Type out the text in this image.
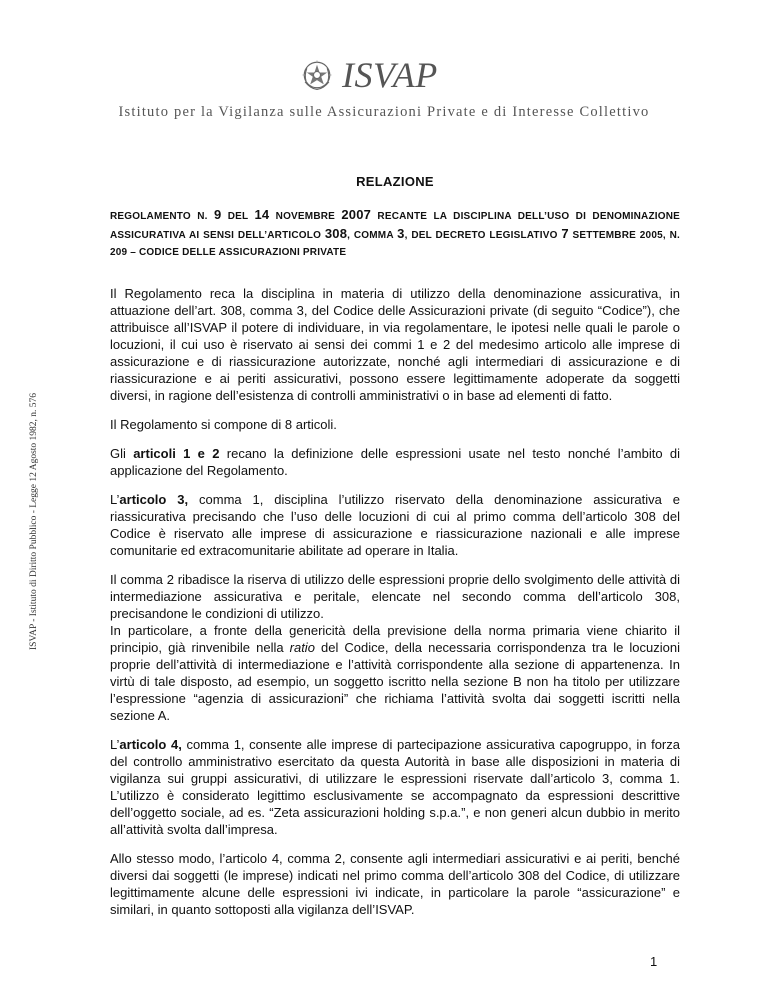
ISVAP
Istituto per la Vigilanza sulle Assicurazioni Private e di Interesse Collettivo
ISVAP - Istituto di Diritto Pubblico - Legge 12 Agosto 1982, n. 576
RELAZIONE
REGOLAMENTO N. 9 DEL 14 NOVEMBRE 2007 RECANTE LA DISCIPLINA DELL’USO DI DENOMINAZIONE ASSICURATIVA AI SENSI DELL’ARTICOLO 308, COMMA 3, DEL DECRETO LEGISLATIVO 7 SETTEMBRE 2005, N. 209 – CODICE DELLE ASSICURAZIONI PRIVATE

Il Regolamento reca la disciplina in materia di utilizzo della denominazione assicurativa, in attuazione dell’art. 308, comma 3, del Codice delle Assicurazioni private (di seguito “Codice”), che attribuisce all’ISVAP il potere di individuare, in via regolamentare, le ipotesi nelle quali le parole o locuzioni, il cui uso è riservato ai sensi dei commi 1 e 2 del medesimo articolo alle imprese di assicurazione e di riassicurazione autorizzate, nonché agli intermediari di assicurazione e di riassicurazione e ai periti assicurativi, possono essere legittimamente adoperate da soggetti diversi, in ragione dell’esistenza di controlli amministrativi o in base ad elementi di fatto.

Il Regolamento si compone di 8 articoli.

Gli articoli 1 e 2 recano la definizione delle espressioni usate nel testo nonché l’ambito di applicazione del Regolamento.

L’articolo 3, comma 1, disciplina l’utilizzo riservato della denominazione assicurativa e riassicurativa precisando che l’uso delle locuzioni di cui al primo comma dell’articolo 308 del Codice è riservato alle imprese di assicurazione e riassicurazione nazionali e alle imprese comunitarie ed extracomunitarie abilitate ad operare in Italia.

Il comma 2 ribadisce la riserva di utilizzo delle espressioni proprie dello svolgimento delle attività di intermediazione assicurativa e peritale, elencate nel secondo comma dell’articolo 308, precisandone le condizioni di utilizzo.
In particolare, a fronte della genericità della previsione della norma primaria viene chiarito il principio, già rinvenibile nella ratio del Codice, della necessaria corrispondenza tra le locuzioni proprie dell’attività di intermediazione e l’attività corrispondente alla sezione di appartenenza. In virtù di tale disposto, ad esempio, un soggetto iscritto nella sezione B non ha titolo per utilizzare l’espressione “agenzia di assicurazioni” che richiama l’attività svolta dai soggetti iscritti nella sezione A.

L’articolo 4, comma 1, consente alle imprese di partecipazione assicurativa capogruppo, in forza del controllo amministrativo esercitato da questa Autorità in base alle disposizioni in materia di vigilanza sui gruppi assicurativi, di utilizzare le espressioni riservate dall’articolo 3, comma 1. L’utilizzo è considerato legittimo esclusivamente se accompagnato da espressioni descrittive dell’oggetto sociale, ad es. “Zeta assicurazioni holding s.p.a.”, e non generi alcun dubbio in merito all’attività svolta dall’impresa.

Allo stesso modo, l’articolo 4, comma 2, consente agli intermediari assicurativi e ai periti, benché diversi dai soggetti (le imprese) indicati nel primo comma dell’articolo 308 del Codice, di utilizzare legittimamente alcune delle espressioni ivi indicate, in particolare la parole “assicurazione” e similari, in quanto sottoposti alla vigilanza dell’ISVAP.

1
